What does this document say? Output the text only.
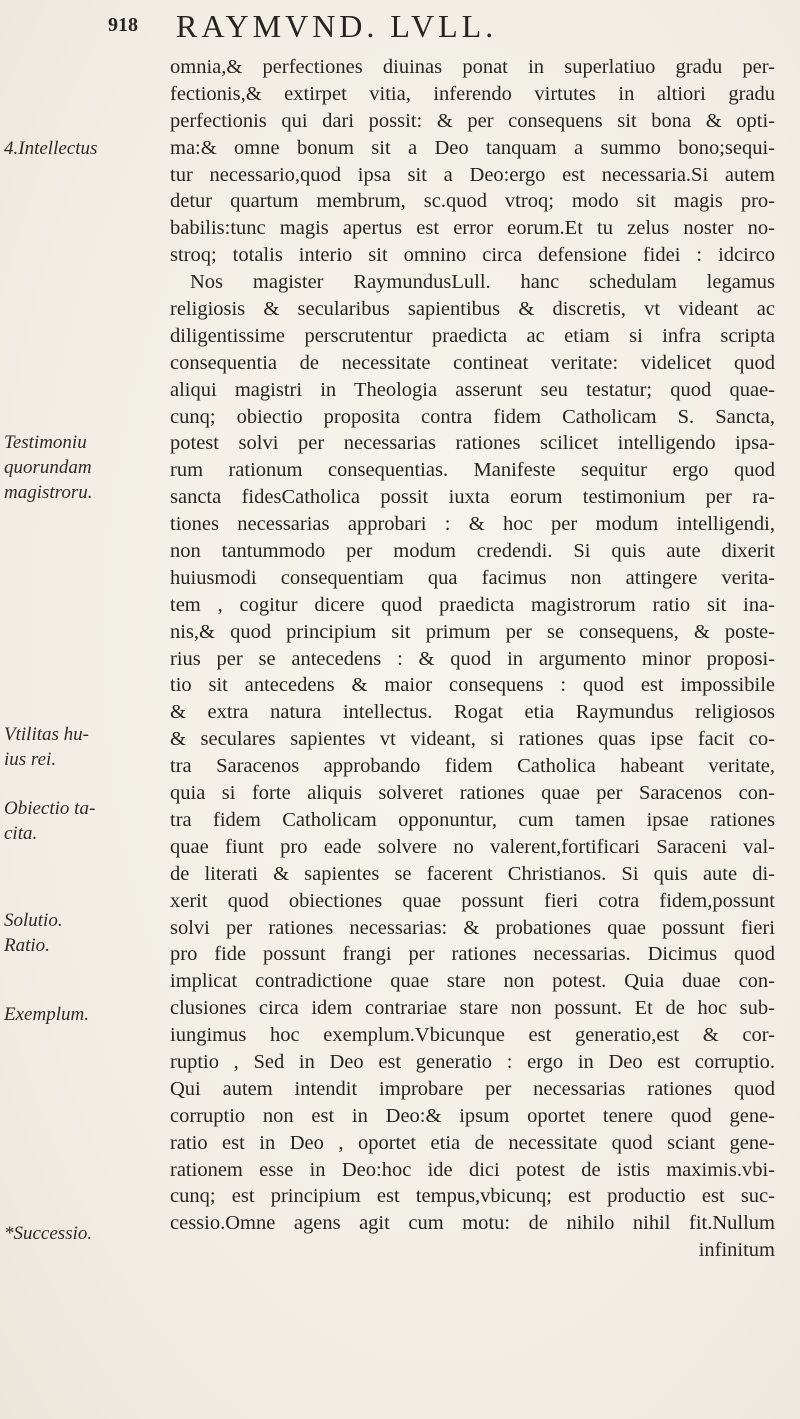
918 RAYMVND. LVLL.
omnia,& perfectiones diuinas ponat in superlatiuo gradu per-
fectionis,& extirpet vitia, inferendo virtutes in altiori gradu
perfectionis qui dari possit: & per consequens sit bona & opti-
ma:& omne bonum sit a Deo tanquam a summo bono;sequi-
tur necessario,quod ipsa sit a Deo:ergo est necessaria.Si autem
detur quartum membrum, sc.quod vtroq; modo sit magis pro-
babilis:tunc magis apertus est error eorum.Et tu zelus noster no-
stroq; totalis interio sit omnino circa defensione fidei : idcirco
Nos magister RaymundusLull. hanc schedulam legamus
religiosis & secularibus sapientibus & discretis, vt videant ac
diligentissime perscrutentur praedicta ac etiam si infra scripta
consequentia de necessitate contineat veritate: videlicet quod
aliqui magistri in Theologia asserunt seu testatur; quod quae-
cunq; obiectio proposita contra fidem Catholicam S. Sancta,
potest solvi per necessarias rationes scilicet intelligendo ipsa-
rum rationum consequentias. Manifeste sequitur ergo quod
sancta fidesCatholica possit iuxta eorum testimonium per ra-
tiones necessarias approbari : & hoc per modum intelligendi,
non tantummodo per modum credendi. Si quis aute dixerit
huiusmodi consequentiam qua facimus non attingere verita-
tem , cogitur dicere quod praedicta magistrorum ratio sit ina-
nis,& quod principium sit primum per se consequens, & poste-
rius per se antecedens : & quod in argumento minor proposi-
tio sit antecedens & maior consequens : quod est impossibile
& extra natura intellectus. Rogat etia Raymundus religiosos
& seculares sapientes vt videant, si rationes quas ipse facit co-
tra Saracenos approbando fidem Catholica habeant veritate,
quia si forte aliquis solveret rationes quae per Saracenos con-
tra fidem Catholicam opponuntur, cum tamen ipsae rationes
quae fiunt pro eade solvere no valerent,fortificari Saraceni val-
de literati & sapientes se facerent Christianos. Si quis aute di-
xerit quod obiectiones quae possunt fieri cotra fidem,possunt
solvi per rationes necessarias: & probationes quae possunt fieri
pro fide possunt frangi per rationes necessarias. Dicimus quod
implicat contradictione quae stare non potest. Quia duae con-
clusiones circa idem contrariae stare non possunt. Et de hoc sub-
iungimus hoc exemplum.Vbicunque est generatio,est & cor-
ruptio , Sed in Deo est generatio : ergo in Deo est corruptio.
Qui autem intendit improbare per necessarias rationes quod
corruptio non est in Deo:& ipsum oportet tenere quod gene-
ratio est in Deo , oportet etia de necessitate quod sciant gene-
rationem esse in Deo:hoc ide dici potest de istis maximis.vbi-
cunq; est principium est tempus,vbicunq; est productio est suc-
cessio.Omne agens agit cum motu: de nihilo nihil fit.Nullum
infinitum
4.Intellectus
Testimoniu
quorundam
magistroru.
Vtilitas hu-
ius rei.
Obiectio ta-
cita.
Solutio.
Ratio.
Exemplum.
*Successio.
